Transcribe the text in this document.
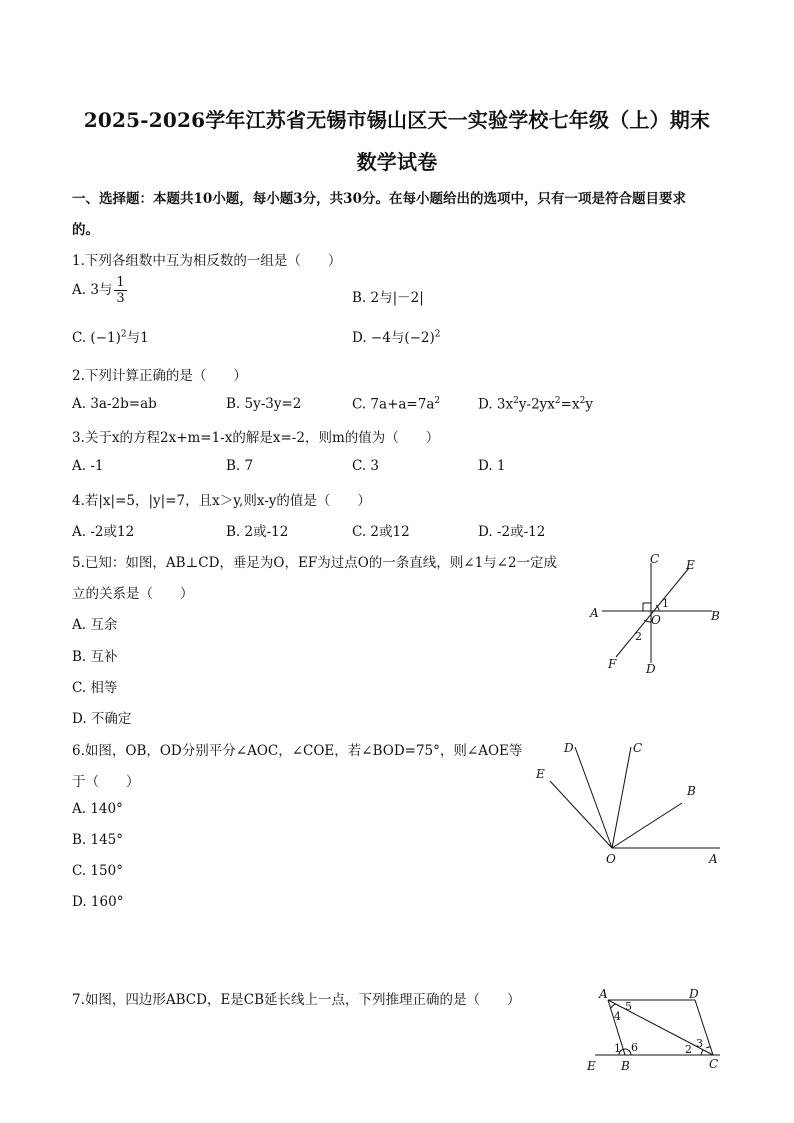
2025-2026学年江苏省无锡市锡山区天一实验学校七年级（上）期末
数学试卷
一、选择题：本题共10小题，每小题3分，共30分。在每小题给出的选项中，只有一项是符合题目要求
的。
1.下列各组数中互为相反数的一组是（　　）
A. 3与 $\frac{1}{3}$	B. 2与|－2|
C. $(-1)^2$与1	D. −4与$(-2)^2$
2.下列计算正确的是（　　）
A. 3a-2b=ab	B. 5y-3y=2	C. $7a+a=7a^2$	D. $3x^2y-2yx^2=x^2y$
3.关于x的方程2x+m=1-x的解是x=-2，则m的值为（　　）
A. -1	B. 7	C. 3	D. 1
4.若|x|=5，|y|=7，且x＞y,则x-y的值是（　　）
A. -2或12	B. 2或-12	C. 2或12	D. -2或-12
5.已知：如图，AB⊥CD，垂足为O，EF为过点O的一条直线，则∠1与∠2一定成
立的关系是（　　）
A. 互余
B. 互补
C. 相等
D. 不确定
C E
A	B
O
1
2
F D
6.如图，OB，OD分别平分∠AOC，∠COE，若∠BOD=75°，则∠AOE等
于（　　）
A. 140°
B. 145°
C. 150°
D. 160°
D	C
E
B
O	A
7.如图，四边形ABCD，E是CB延长线上一点，下列推理正确的是（　　）	A	D
5
4
1 6	2 3
E B	C
